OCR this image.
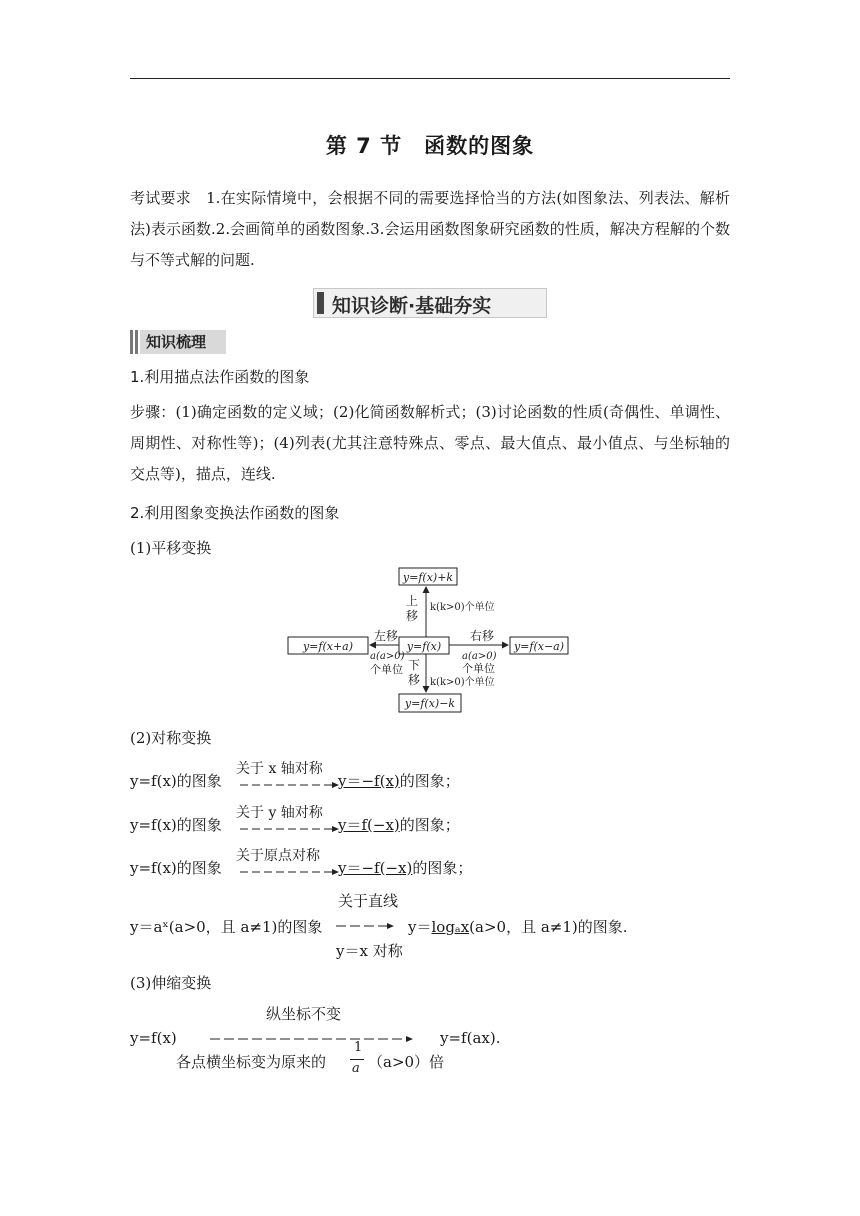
第 7 节　函数的图象
考试要求 1.在实际情境中，会根据不同的需要选择恰当的方法(如图象法、列表法、解析法)表示函数.2.会画简单的函数图象.3.会运用函数图象研究函数的性质，解决方程解的个数与不等式解的问题.
知识诊断·基础夯实
知识梳理
1.利用描点法作函数的图象
步骤：(1)确定函数的定义域；(2)化简函数解析式；(3)讨论函数的性质(奇偶性、单调性、周期性、对称性等)；(4)列表(尤其注意特殊点、零点、最大值点、最小值点、与坐标轴的交点等)，描点，连线.
2.利用图象变换法作函数的图象
(1)平移变换
y=f(x)+k
y=f(x)
y=f(x)−k
y=f(x+a)	y=f(x−a)
上
移
k(k>0)个单位
下
移 k(k>0)个单位
左移
a(a>0)
个单位
右移
a(a>0)
个单位
(2)对称变换
y=f(x)的图象
关于 x 轴对称
y＝−f(x)的图象；
y=f(x)的图象
关于 y 轴对称
y＝f(−x)的图象；
y=f(x)的图象
关于原点对称
y＝−f(−x)的图象；
关于直线
y＝aˣ(a>0，且 a≠1)的图象	y＝logₐx(a>0，且 a≠1)的图象.
y＝x 对称
(3)伸缩变换
纵坐标不变
y=f(x)	y=f(ax).
各点横坐标变为原来的
1
a （a>0）倍
